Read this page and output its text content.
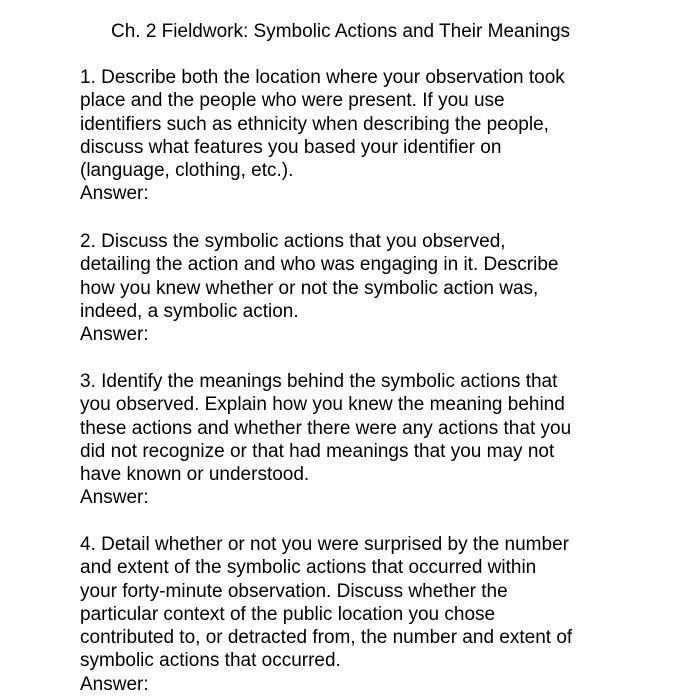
Ch. 2 Fieldwork: Symbolic Actions and Their Meanings
1. Describe both the location where your observation took
place and the people who were present. If you use
identifiers such as ethnicity when describing the people,
discuss what features you based your identifier on
(language, clothing, etc.).
Answer:
2. Discuss the symbolic actions that you observed,
detailing the action and who was engaging in it. Describe
how you knew whether or not the symbolic action was,
indeed, a symbolic action.
Answer:
3. Identify the meanings behind the symbolic actions that
you observed. Explain how you knew the meaning behind
these actions and whether there were any actions that you
did not recognize or that had meanings that you may not
have known or understood.
Answer:
4. Detail whether or not you were surprised by the number
and extent of the symbolic actions that occurred within
your forty-minute observation. Discuss whether the
particular context of the public location you chose
contributed to, or detracted from, the number and extent of
symbolic actions that occurred.
Answer:
